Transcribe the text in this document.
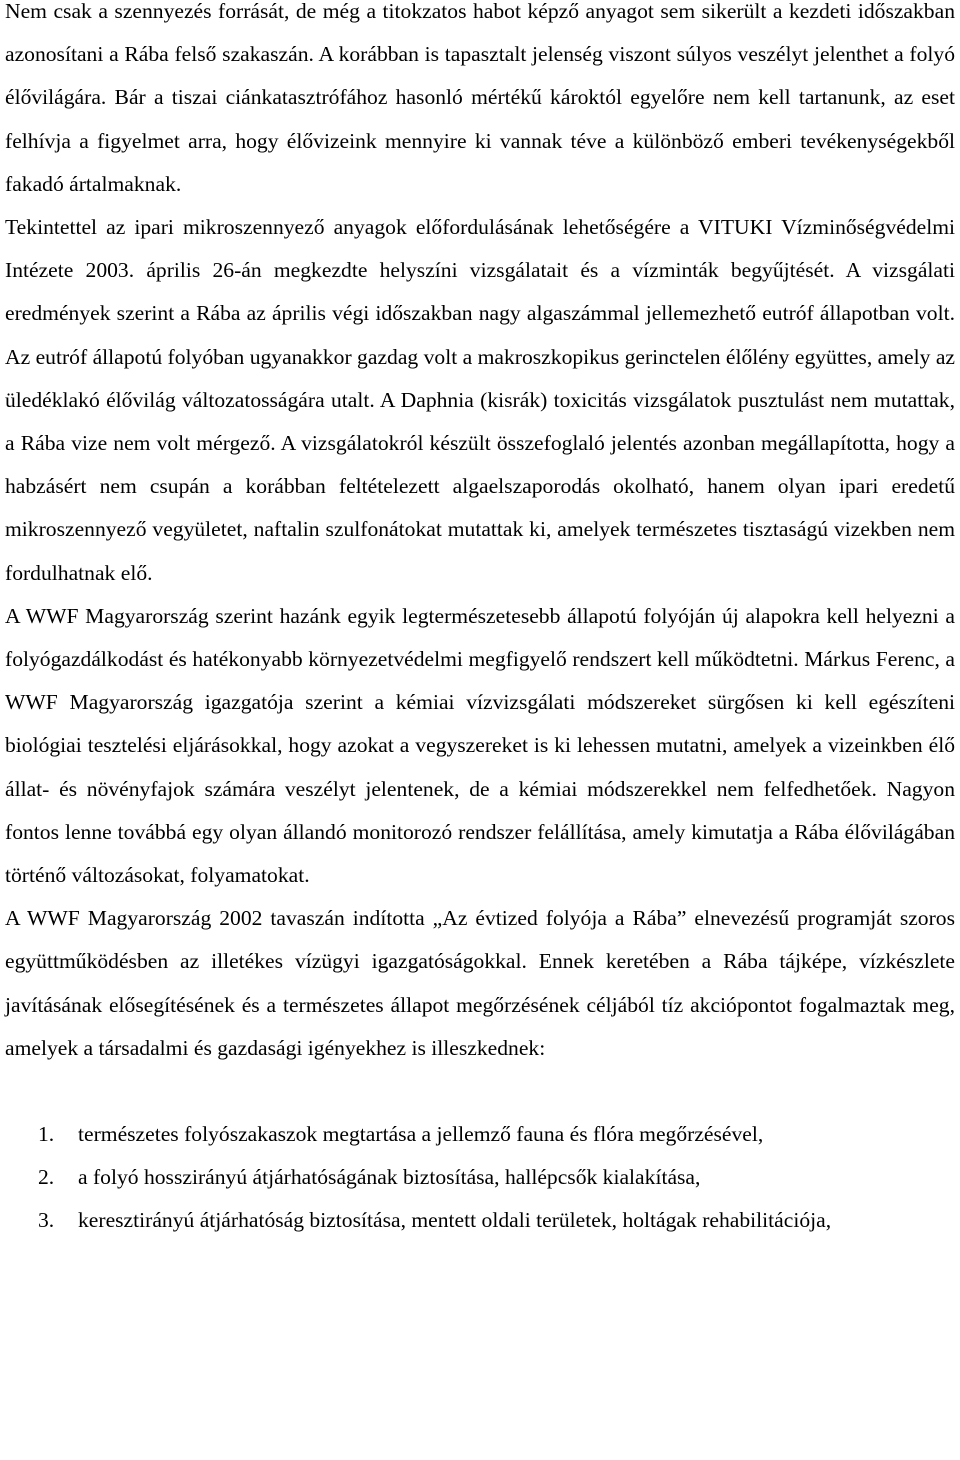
Nem csak a szennyezés forrását, de még a titokzatos habot képző anyagot sem sikerült a kezdeti időszakban azonosítani a Rába felső szakaszán. A korábban is tapasztalt jelenség viszont súlyos veszélyt jelenthet a folyó élővilágára. Bár a tiszai ciánkatasztrófához hasonló mértékű károktól egyelőre nem kell tartanunk, az eset felhívja a figyelmet arra, hogy élővizeink mennyire ki vannak téve a különböző emberi tevékenységekből fakadó ártalmaknak.

Tekintettel az ipari mikroszennyező anyagok előfordulásának lehetőségére a VITUKI Vízminőségvédelmi Intézete 2003. április 26-án megkezdte helyszíni vizsgálatait és a vízminták begyűjtését. A vizsgálati eredmények szerint a Rába az április végi időszakban nagy algaszámmal jellemezhető eutróf állapotban volt. Az eutróf állapotú folyóban ugyanakkor gazdag volt a makroszkopikus gerinctelen élőlény együttes, amely az üledéklakó élővilág változatosságára utalt. A Daphnia (kisrák) toxicitás vizsgálatok pusztulást nem mutattak, a Rába vize nem volt mérgező. A vizsgálatokról készült összefoglaló jelentés azonban megállapította, hogy a habzásért nem csupán a korábban feltételezett algaelszaporodás okolható, hanem olyan ipari eredetű mikroszennyező vegyületet, naftalin szulfonátokat mutattak ki, amelyek természetes tisztaságú vizekben nem fordulhatnak elő.

A WWF Magyarország szerint hazánk egyik legtermészetesebb állapotú folyóján új alapokra kell helyezni a folyógazdálkodást és hatékonyabb környezetvédelmi megfigyelő rendszert kell működtetni. Márkus Ferenc, a WWF Magyarország igazgatója szerint a kémiai vízvizsgálati módszereket sürgősen ki kell egészíteni biológiai tesztelési eljárásokkal, hogy azokat a vegyszereket is ki lehessen mutatni, amelyek a vizeinkben élő állat- és növényfajok számára veszélyt jelentenek, de a kémiai módszerekkel nem felfedhetőek. Nagyon fontos lenne továbbá egy olyan állandó monitorozó rendszer felállítása, amely kimutatja a Rába élővilágában történő változásokat, folyamatokat.

A WWF Magyarország 2002 tavaszán indította „Az évtized folyója a Rába” elnevezésű programját szoros együttműködésben az illetékes vízügyi igazgatóságokkal. Ennek keretében a Rába tájképe, vízkészlete javításának elősegítésének és a természetes állapot megőrzésének céljából tíz akciópontot fogalmaztak meg, amelyek a társadalmi és gazdasági igényekhez is illeszkednek:

1. természetes folyószakaszok megtartása a jellemző fauna és flóra megőrzésével,
2. a folyó hosszirányú átjárhatóságának biztosítása, hallépcsők kialakítása,
3. keresztirányú átjárhatóság biztosítása, mentett oldali területek, holtágak rehabilitációja,
